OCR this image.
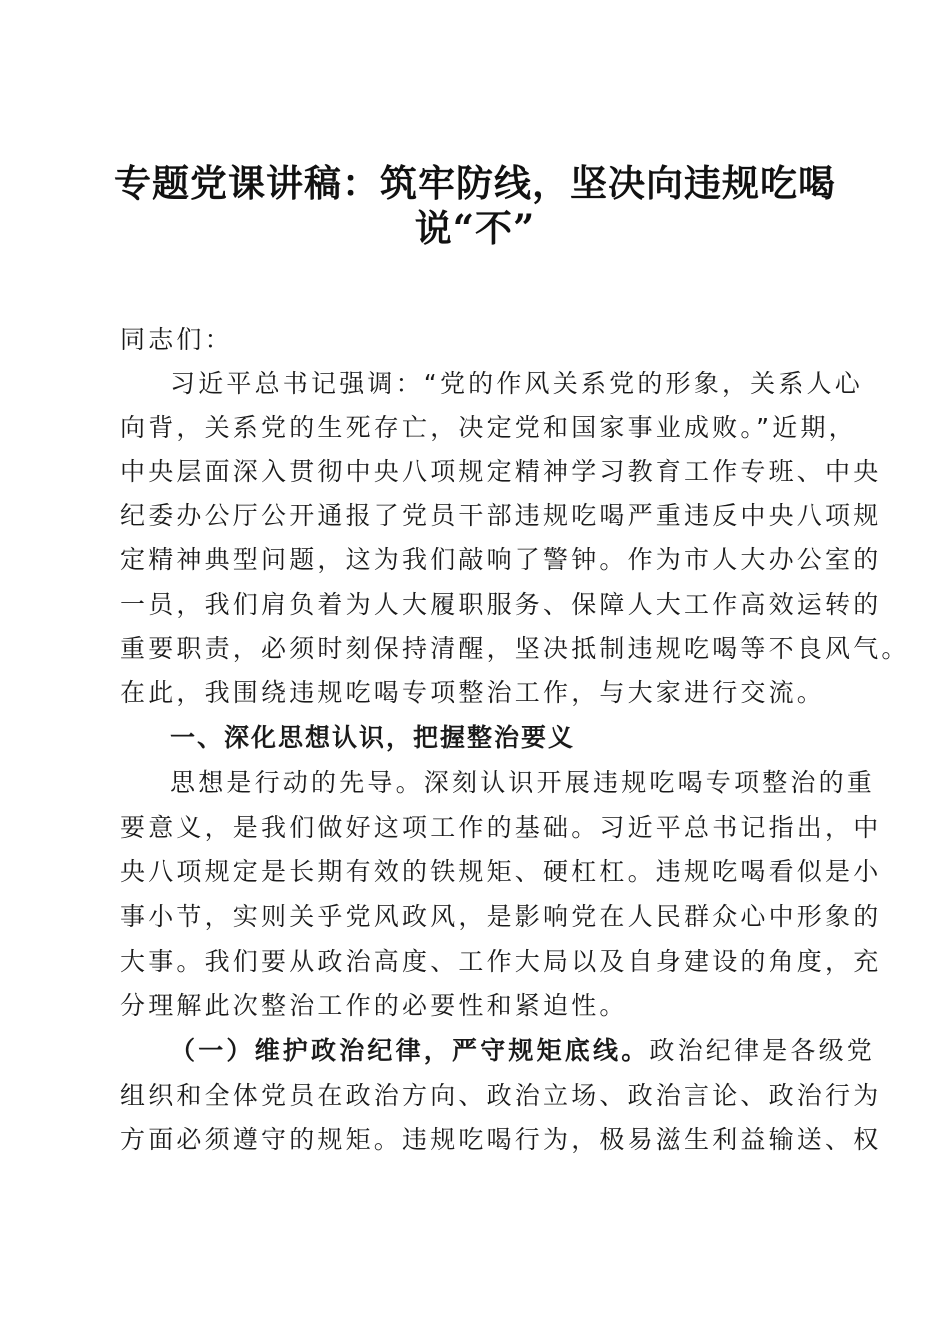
专题党课讲稿：筑牢防线，坚决向违规吃喝
说“不”
同志们：
习近平总书记强调：“党的作风关系党的形象，关系人心
向背，关系党的生死存亡，决定党和国家事业成败。”近期，
中央层面深入贯彻中央八项规定精神学习教育工作专班、中央
纪委办公厅公开通报了党员干部违规吃喝严重违反中央八项规
定精神典型问题，这为我们敲响了警钟。作为市人大办公室的
一员，我们肩负着为人大履职服务、保障人大工作高效运转的
重要职责，必须时刻保持清醒，坚决抵制违规吃喝等不良风气。
在此，我围绕违规吃喝专项整治工作，与大家进行交流。
一、深化思想认识，把握整治要义
思想是行动的先导。深刻认识开展违规吃喝专项整治的重
要意义，是我们做好这项工作的基础。习近平总书记指出，中
央八项规定是长期有效的铁规矩、硬杠杠。违规吃喝看似是小
事小节，实则关乎党风政风，是影响党在人民群众心中形象的
大事。我们要从政治高度、工作大局以及自身建设的角度，充
分理解此次整治工作的必要性和紧迫性。
（一）维护政治纪律，严守规矩底线。政治纪律是各级党
组织和全体党员在政治方向、政治立场、政治言论、政治行为
方面必须遵守的规矩。违规吃喝行为，极易滋生利益输送、权
